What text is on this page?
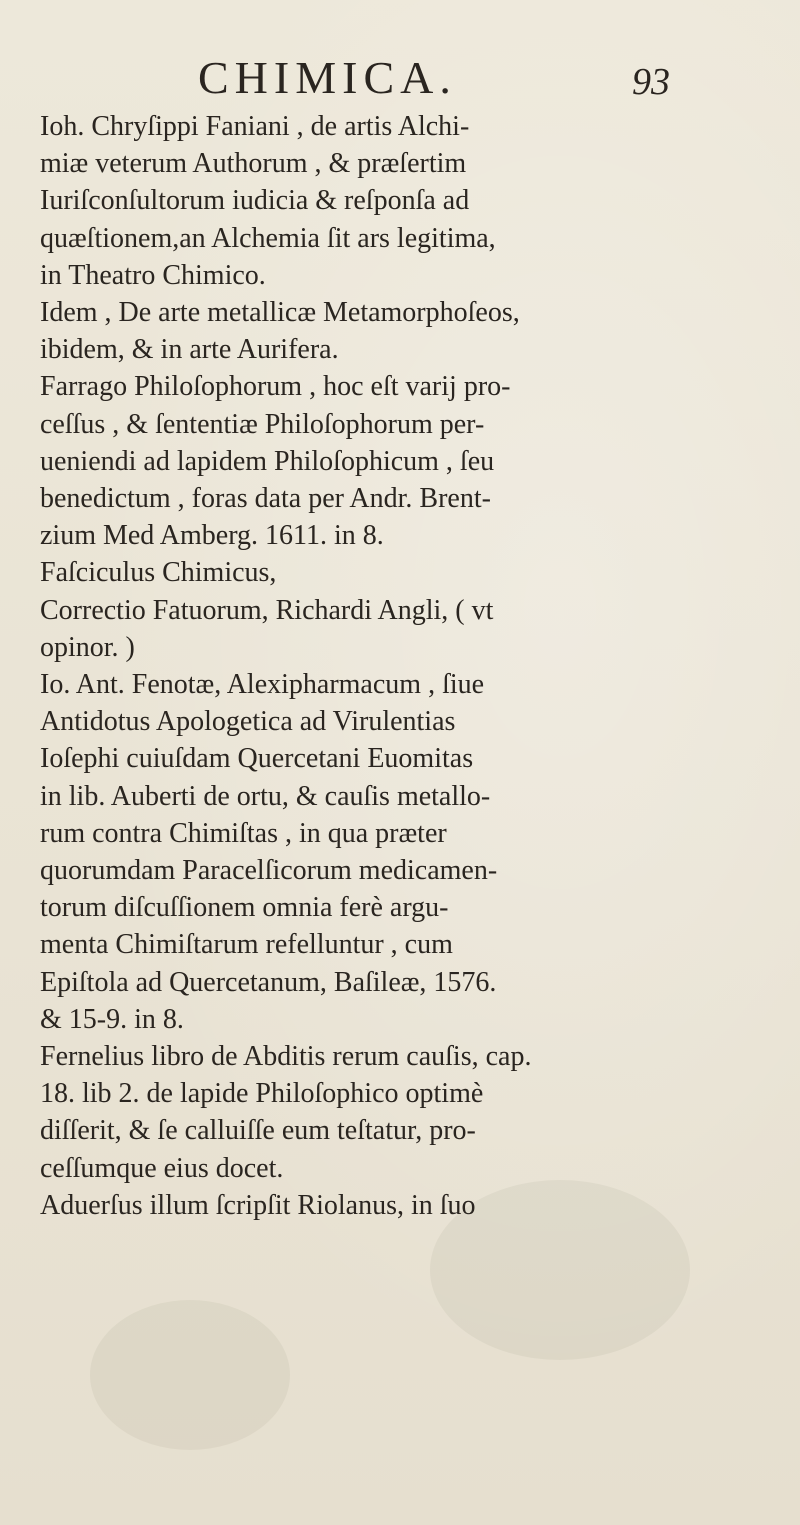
CHIMICA.	93
Ioh. Chryſippi Faniani , de artis Alchi-
miæ veterum Authorum , & præſertim
Iuriſconſultorum iudicia & reſponſa ad
quæſtionem,an Alchemia ſit ars legitima,
in Theatro Chimico.
Idem , De arte metallicæ Metamorphoſeos,
ibidem, & in arte Aurifera.
Farrago Philoſophorum , hoc eſt varij pro-
ceſſus , & ſententiæ Philoſophorum per-
ueniendi ad lapidem Philoſophicum , ſeu
benedictum , foras data per Andr. Brent-
zium Med Amberg. 1611. in 8.
Faſciculus Chimicus,
Correctio Fatuorum, Richardi Angli, ( vt
opinor. )
Io. Ant. Fenotæ, Alexipharmacum , ſiue
Antidotus Apologetica ad Virulentias
Ioſephi cuiuſdam Quercetani Euomitas
in lib. Auberti de ortu, & cauſis metallo-
rum contra Chimiſtas , in qua præter
quorumdam Paracelſicorum medicamen-
torum diſcuſſionem omnia ferè argu-
menta Chimiſtarum refelluntur , cum
Epiſtola ad Quercetanum, Baſileæ, 1576.
& 15-9. in 8.
Fernelius libro de Abditis rerum cauſis, cap.
18. lib 2. de lapide Philoſophico optimè
diſſerit, & ſe calluiſſe eum teſtatur, pro-
ceſſumque eius docet.
Aduerſus illum ſcripſit Riolanus, in ſuo
